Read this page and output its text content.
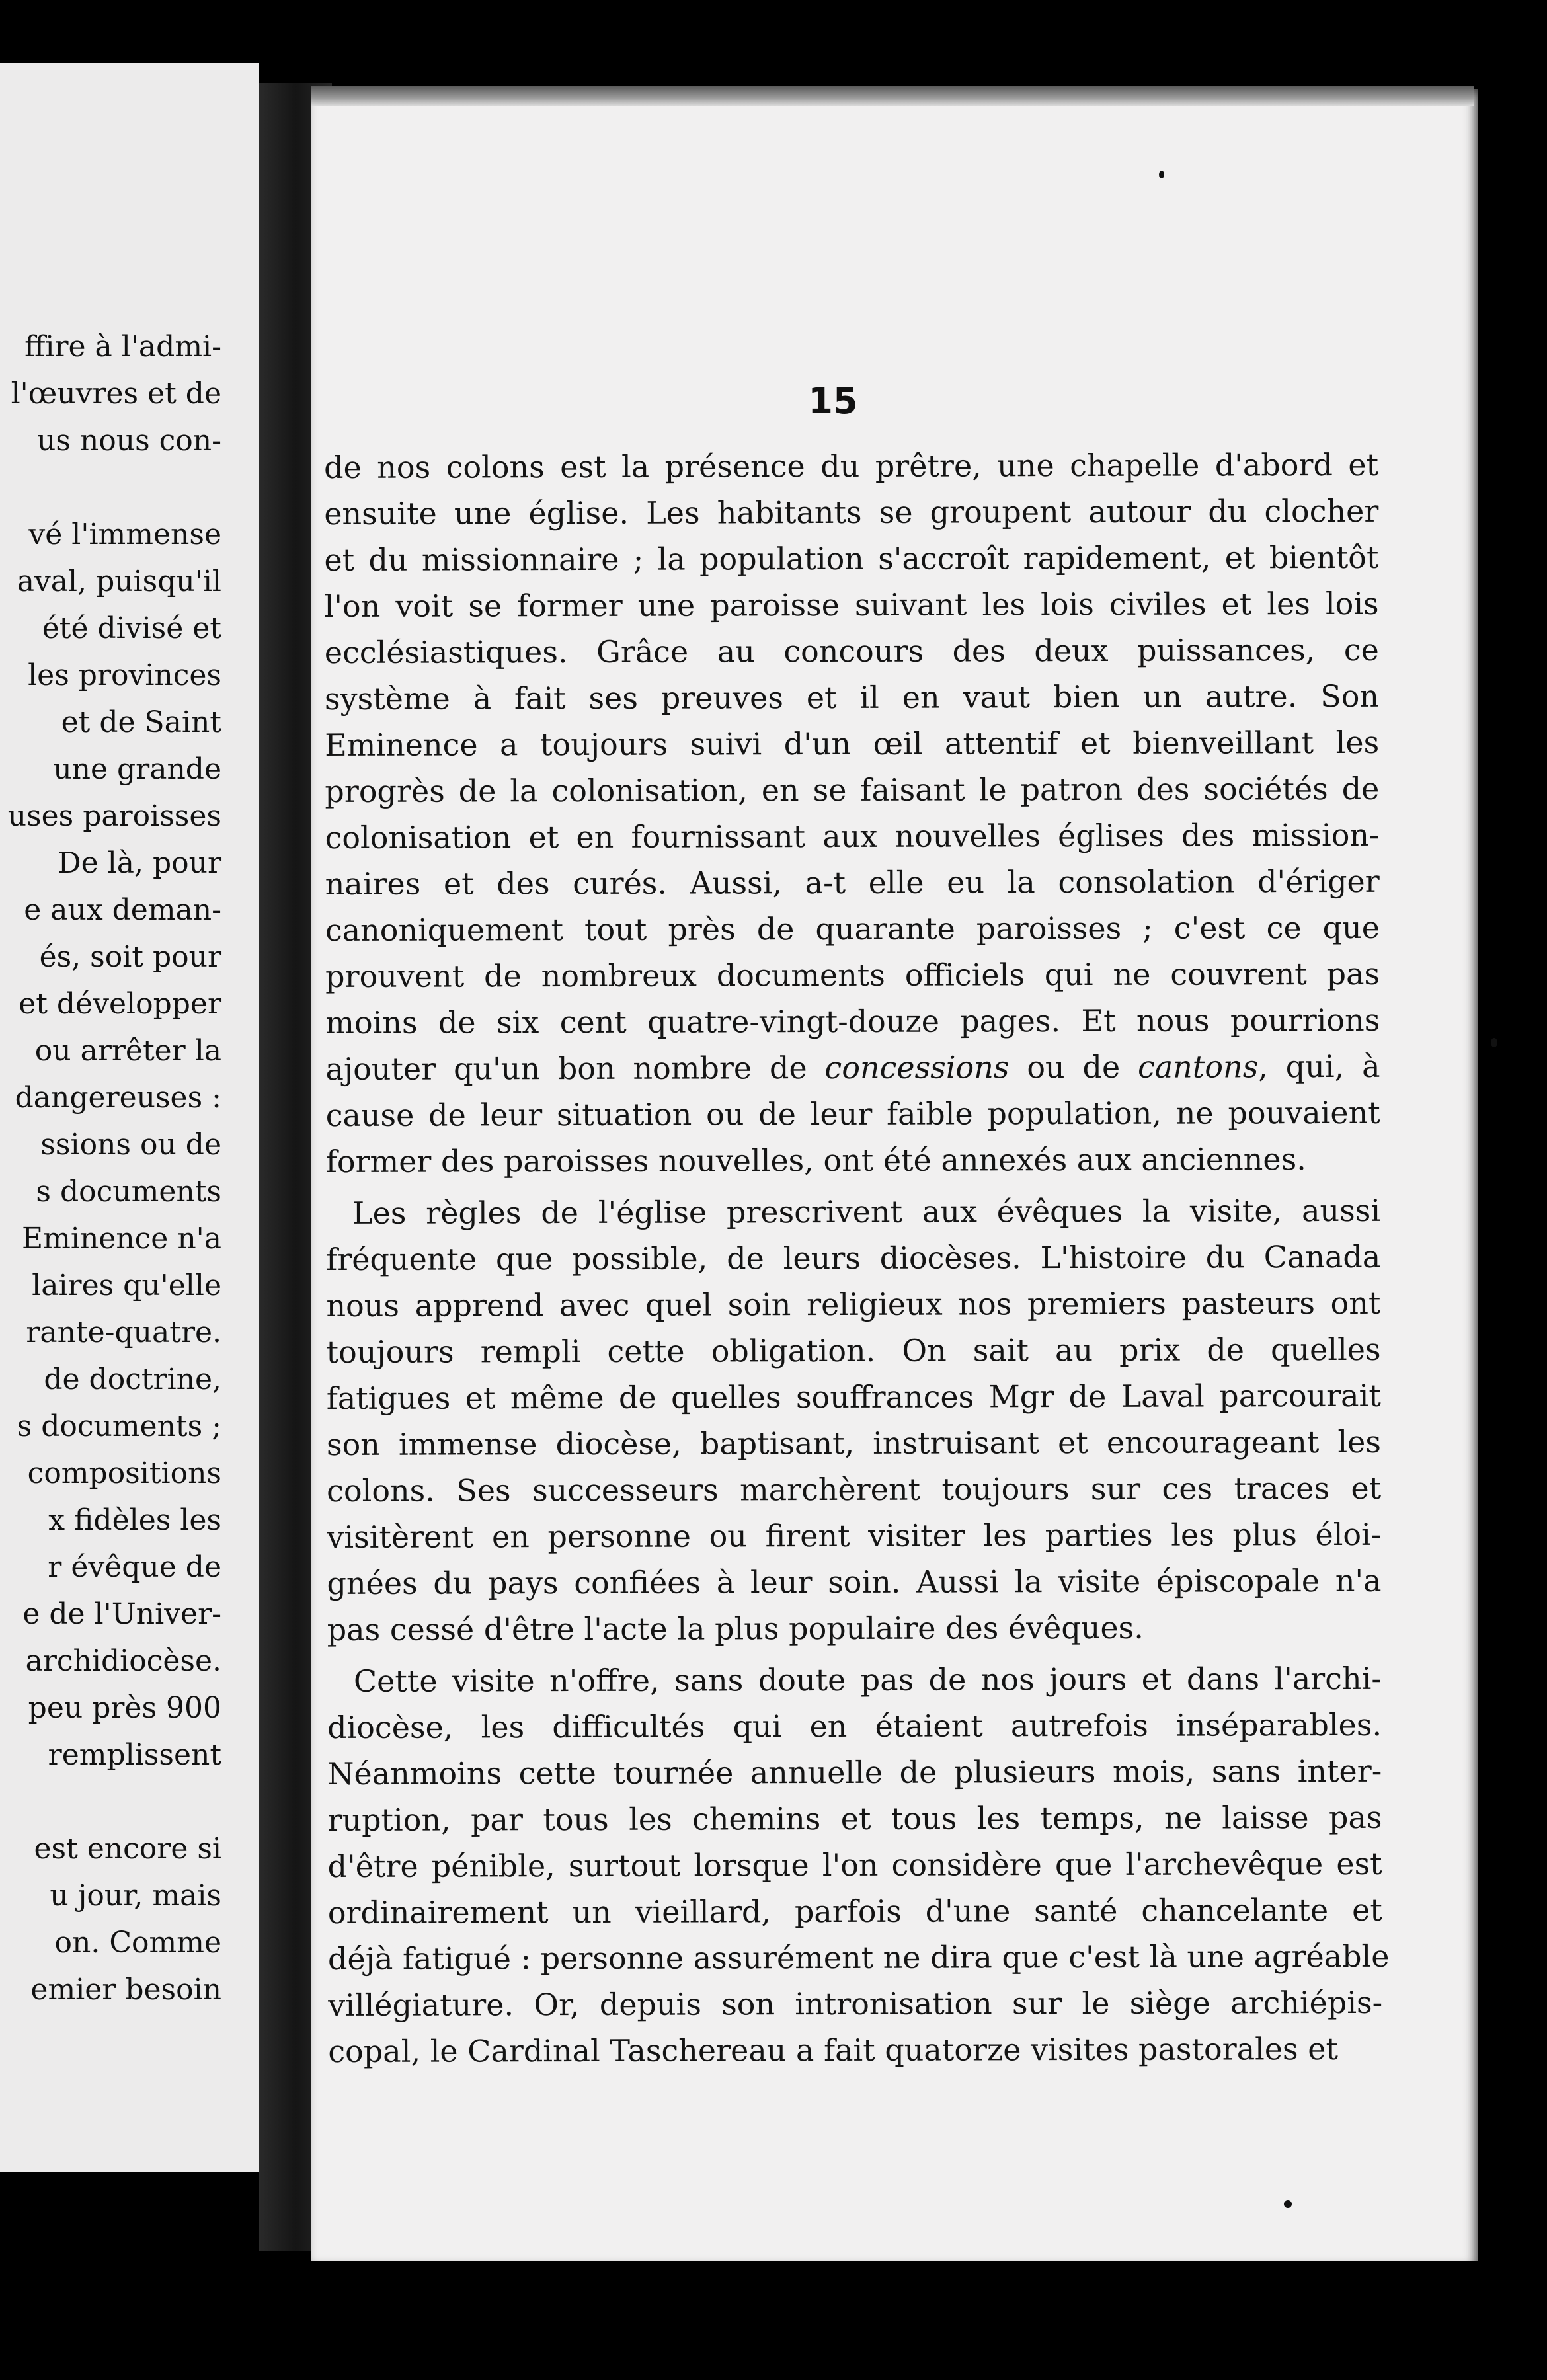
ffire à l'admi-
l'œuvres et de
us nous con-
vé l'immense
aval, puisqu'il
été divisé et
les provinces
et de Saint
une grande
uses paroisses
De là, pour
e aux deman-
és, soit pour
et développer
ou arrêter la
dangereuses :
ssions ou de
s documents
Eminence n'a
laires qu'elle
rante-quatre.
de doctrine,
s documents ;
compositions
x fidèles les
r évêque de
e de l'Univer-
archidiocèse.
peu près 900
remplissent
est encore si
u jour, mais
on. Comme
emier besoin
15
de nos colons est la présence du prêtre, une chapelle d'abord et
ensuite une église. Les habitants se groupent autour du clocher
et du missionnaire ; la population s'accroît rapidement, et bientôt
l'on voit se former une paroisse suivant les lois civiles et les lois
ecclésiastiques. Grâce au concours des deux puissances, ce
système à fait ses preuves et il en vaut bien un autre. Son
Eminence a toujours suivi d'un œil attentif et bienveillant les
progrès de la colonisation, en se faisant le patron des sociétés de
colonisation et en fournissant aux nouvelles églises des mission-
naires et des curés. Aussi, a-t elle eu la consolation d'ériger
canoniquement tout près de quarante paroisses ; c'est ce que
prouvent de nombreux documents officiels qui ne couvrent pas
moins de six cent quatre-vingt-douze pages. Et nous pourrions
ajouter qu'un bon nombre de concessions ou de cantons, qui, à
cause de leur situation ou de leur faible population, ne pouvaient
former des paroisses nouvelles, ont été annexés aux anciennes.
Les règles de l'église prescrivent aux évêques la visite, aussi
fréquente que possible, de leurs diocèses. L'histoire du Canada
nous apprend avec quel soin religieux nos premiers pasteurs ont
toujours rempli cette obligation. On sait au prix de quelles
fatigues et même de quelles souffrances Mgr de Laval parcourait
son immense diocèse, baptisant, instruisant et encourageant les
colons. Ses successeurs marchèrent toujours sur ces traces et
visitèrent en personne ou firent visiter les parties les plus éloi-
gnées du pays confiées à leur soin. Aussi la visite épiscopale n'a
pas cessé d'être l'acte la plus populaire des évêques.
Cette visite n'offre, sans doute pas de nos jours et dans l'archi-
diocèse, les difficultés qui en étaient autrefois inséparables.
Néanmoins cette tournée annuelle de plusieurs mois, sans inter-
ruption, par tous les chemins et tous les temps, ne laisse pas
d'être pénible, surtout lorsque l'on considère que l'archevêque est
ordinairement un vieillard, parfois d'une santé chancelante et
déjà fatigué : personne assurément ne dira que c'est là une agréable
villégiature. Or, depuis son intronisation sur le siège archiépis-
copal, le Cardinal Taschereau a fait quatorze visites pastorales et
